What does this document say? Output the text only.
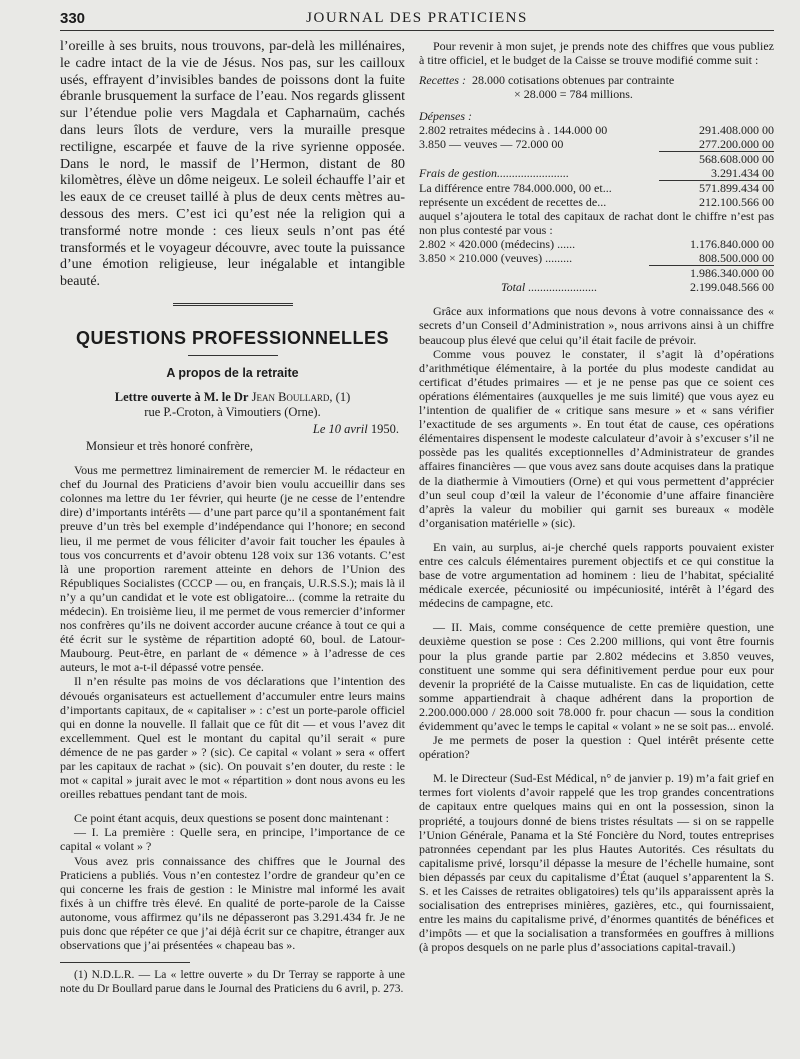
330	JOURNAL DES PRATICIENS

l’oreille à ses bruits, nous trouvons, par-delà les millénaires, le cadre intact de la vie de Jésus. Nos pas, sur les cailloux usés, effrayent d’invisibles bandes de poissons dont la fuite ébranle brusquement la surface de l’eau. Nos regards glissent sur l’étendue polie vers Magdala et Capharnaüm, cachés dans leurs îlots de verdure, vers la muraille presque rectiligne, escarpée et fauve de la rive syrienne opposée. Dans le nord, le massif de l’Hermon, distant de 80 kilomètres, élève un dôme neigeux. Le soleil échauffe l’air et les eaux de ce creuset taillé à plus de deux cents mètres au-dessous des mers. C’est ici qu’est née la religion qui a transformé notre monde : ces lieux seuls n’ont pas été transformés et le voyageur découvre, avec toute la puissance d’une émotion religieuse, leur inégalable et intangible beauté.

QUESTIONS PROFESSIONNELLES
A propos de la retraite
Lettre ouverte à M. le Dr Jean Boullard, (1)
rue P.-Croton, à Vimoutiers (Orne).
Le 10 avril 1950.

Monsieur et très honoré confrère,

Vous me permettrez liminairement de remercier M. le rédacteur en chef du Journal des Praticiens d’avoir bien voulu accueillir dans ses colonnes ma lettre du 1er février, qui heurte (je ne cesse de l’entendre dire) d’importants intérêts — d’une part parce qu’il a spontanément fait preuve d’un très bel exemple d’indépendance qui l’honore; en second lieu, il me permet de vous féliciter d’avoir fait toucher les épaules à tous vos concurrents et d’avoir obtenu 128 voix sur 136 votants. C’est là une proportion rarement atteinte en dehors de l’Union des Républiques Socialistes (CCCP — ou, en français, U.R.S.S.); mais là il n’y a qu’un candidat et le vote est obligatoire... (comme la retraite du médecin). En troisième lieu, il me permet de vous remercier d’informer nos confrères qu’ils ne doivent accorder aucune créance à tout ce qui a été écrit sur le système de répartition adopté 60, boul. de Latour-Maubourg. Peut-être, en parlant de « démence » à l’adresse de ces auteurs, le mot a-t-il dépassé votre pensée.

Il n’en résulte pas moins de vos déclarations que l’intention des dévoués organisateurs est actuellement d’accumuler entre leurs mains d’importants capitaux, de « capitaliser » : c’est un porte-parole officiel qui en donne la nouvelle. Il fallait que ce fût dit — et vous l’avez dit excellemment. Quel est le montant du capital qu’il serait « pure démence de ne pas garder » ? (sic). Ce capital « volant » sera « offert par les capitaux de rachat » (sic). On pouvait s’en douter, du reste : le mot « capital » jurait avec le mot « répartition » dont nous avons eu les oreilles rebattues pendant tant de mois.

Ce point étant acquis, deux questions se posent donc maintenant :

— I. La première : Quelle sera, en principe, l’importance de ce capital « volant » ?

Vous avez pris connaissance des chiffres que le Journal des Praticiens a publiés. Vous n’en contestez l’ordre de grandeur qu’en ce qui concerne les frais de gestion : le Ministre mal informé les avait fixés à un chiffre très élevé. En qualité de porte-parole de la Caisse autonome, vous affirmez qu’ils ne dépasseront pas 3.291.434 fr. Je ne puis donc que répéter ce que j’ai déjà écrit sur ce chapitre, étranger aux observations que j’ai présentées « chapeau bas ».

(1) N.D.L.R. — La « lettre ouverte » du Dr Terray se rapporte à une note du Dr Boullard parue dans le Journal des Praticiens du 6 avril, p. 273.

Pour revenir à mon sujet, je prends note des chiffres que vous publiez à titre officiel, et le budget de la Caisse se trouve modifié comme suit :

Recettes :
28.000 cotisations obtenues par contrainte
× 28.000 = 784 millions.
Dépenses :
2.802 retraites médecins à . 144.000 00	291.408.000 00
3.850 — veuves — 72.000 00	277.200.000 00
568.608.000 00
Frais de gestion........................	3.291.434 00
La différence entre 784.000.000, 00 et...	571.899.434 00
représente un excédent de recettes de...	212.100.566 00

auquel s’ajoutera le total des capitaux de rachat dont le chiffre n’est pas non plus contesté par vous :

2.802 × 420.000 (médecins) ......	1.176.840.000 00
3.850 × 210.000 (veuves) .........	808.500.000 00
1.986.340.000 00
Total .......................	2.199.048.566 00

Grâce aux informations que nous devons à votre connaissance des « secrets d’un Conseil d’Administration », nous arrivons ainsi à un chiffre beaucoup plus élevé que celui qu’il était facile de prévoir.

Comme vous pouvez le constater, il s’agit là d’opérations d’arithmétique élémentaire, à la portée du plus modeste candidat au certificat d’études primaires — et je ne pense pas que ce soient ces opérations élémentaires (auxquelles je me suis limité) que vous ayez eu l’intention de qualifier de « critique sans mesure » et « sans vérifier l’exactitude de ses arguments ». En tout état de cause, ces opérations élémentaires dispensent le modeste calculateur d’avoir à s’excuser s’il ne possède pas les qualités exceptionnelles d’Administrateur de grandes affaires financières — que vous avez sans doute acquises dans la pratique de la diathermie à Vimoutiers (Orne) et qui vous permettent d’apprécier d’un seul coup d’œil la valeur de l’économie d’une affaire financière d’après la valeur du mobilier qui garnit ses bureaux « modèle d’organisation matérielle » (sic).

En vain, au surplus, ai-je cherché quels rapports pouvaient exister entre ces calculs élémentaires purement objectifs et ce qui constitue la base de votre argumentation ad hominem : lieu de l’habitat, spécialité médicale exercée, pécuniosité ou impécuniosité, intérêt à l’égard des médecins de campagne, etc.

— II. Mais, comme conséquence de cette première question, une deuxième question se pose : Ces 2.200 millions, qui vont être fournis pour la plus grande partie par 2.802 médecins et 3.850 veuves, constituent une somme qui sera définitivement perdue pour eux pour devenir la propriété de la Caisse mutualiste. En cas de liquidation, cette somme appartiendrait à chaque adhérent dans la proportion de 2.200.000.000 / 28.000 soit 78.000 fr. pour chacun — sous la condition évidemment qu’avec le temps le capital « volant » ne se soit pas... envolé.

Je me permets de poser la question : Quel intérêt présente cette opération?

M. le Directeur (Sud-Est Médical, n° de janvier p. 19) m’a fait grief en termes fort violents d’avoir rappelé que les trop grandes concentrations de capitaux entre quelques mains qui en ont la possession, sinon la propriété, a toujours donné de biens tristes résultats — si on se rappelle l’Union Générale, Panama et la Sté Foncière du Nord, toutes entreprises patronnées cependant par les plus Hautes Autorités. Ces résultats du capitalisme privé, lorsqu’il dépasse la mesure de l’échelle humaine, sont bien dépassés par ceux du capitalisme d’État (auquel s’apparentent la S. S. et les Caisses de retraites obligatoires) tels qu’ils apparaissent après la socialisation des entreprises minières, gazières, etc., qui fournissaient, entre les mains du capitalisme privé, d’énormes quantités de bénéfices et d’impôts — et que la socialisation a transformées en gouffres à millions (à propos desquels on ne parle plus d’associations capital-travail.)
